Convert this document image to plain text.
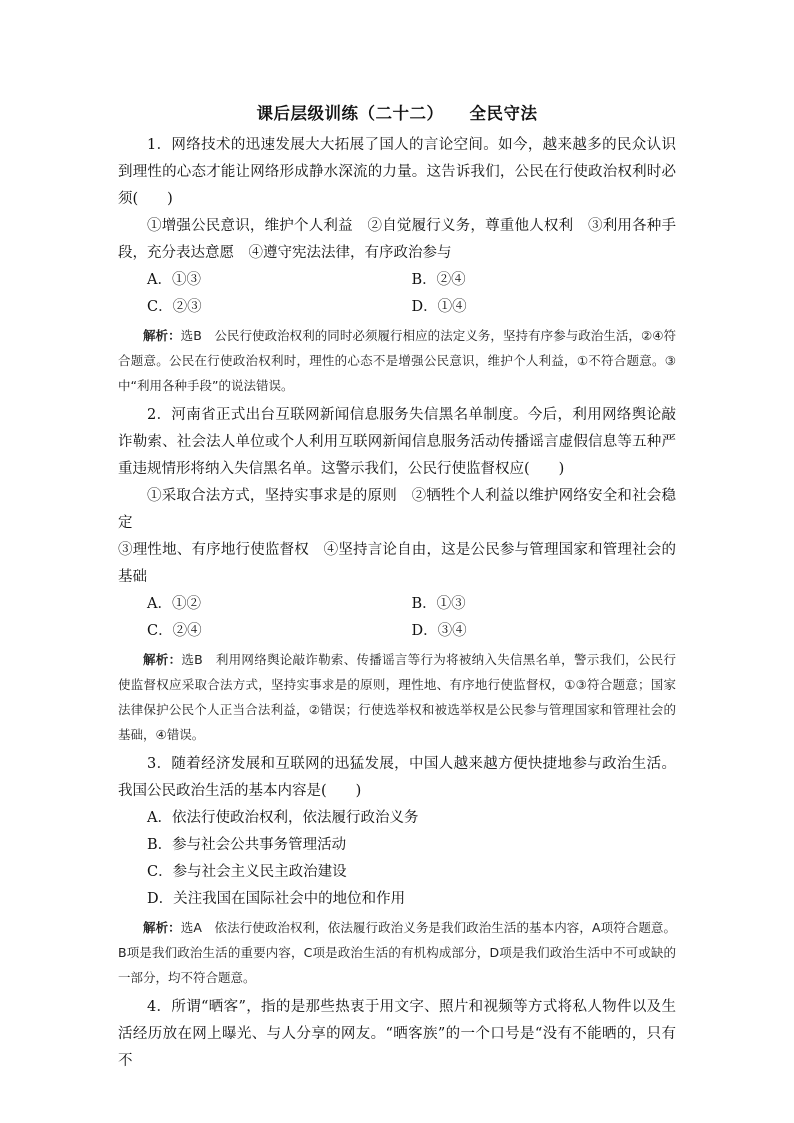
课后层级训练（二十二） 全民守法

1．网络技术的迅速发展大大拓展了国人的言论空间。如今，越来越多的民众认识到理性的心态才能让网络形成静水深流的力量。这告诉我们，公民在行使政治权利时必须(　　)

①增强公民意识，维护个人利益　②自觉履行义务，尊重他人权利　③利用各种手段，充分表达意愿　④遵守宪法法律，有序政治参与

A．①③	B．②④
C．②③	D．①④

解析：选B　公民行使政治权利的同时必须履行相应的法定义务，坚持有序参与政治生活，②④符合题意。公民在行使政治权利时，理性的心态不是增强公民意识，维护个人利益，①不符合题意。③中“利用各种手段”的说法错误。

2．河南省正式出台互联网新闻信息服务失信黑名单制度。今后，利用网络舆论敲诈勒索、社会法人单位或个人利用互联网新闻信息服务活动传播谣言虚假信息等五种严重违规情形将纳入失信黑名单。这警示我们，公民行使监督权应(　　)

①采取合法方式，坚持实事求是的原则　②牺牲个人利益以维护网络安全和社会稳定

③理性地、有序地行使监督权　④坚持言论自由，这是公民参与管理国家和管理社会的基础

A．①②	B．①③
C．②④	D．③④

解析：选B　利用网络舆论敲诈勒索、传播谣言等行为将被纳入失信黑名单，警示我们，公民行使监督权应采取合法方式，坚持实事求是的原则，理性地、有序地行使监督权，①③符合题意；国家法律保护公民个人正当合法利益，②错误；行使选举权和被选举权是公民参与管理国家和管理社会的基础，④错误。

3．随着经济发展和互联网的迅猛发展，中国人越来越方便快捷地参与政治生活。我国公民政治生活的基本内容是(　　)

A．依法行使政治权利，依法履行政治义务
B．参与社会公共事务管理活动
C．参与社会主义民主政治建设
D．关注我国在国际社会中的地位和作用

解析：选A　依法行使政治权利，依法履行政治义务是我们政治生活的基本内容，A项符合题意。B项是我们政治生活的重要内容，C项是政治生活的有机构成部分，D项是我们政治生活中不可或缺的一部分，均不符合题意。

4．所谓“晒客”，指的是那些热衷于用文字、照片和视频等方式将私人物件以及生活经历放在网上曝光、与人分享的网友。“晒客族”的一个口号是“没有不能晒的，只有不
